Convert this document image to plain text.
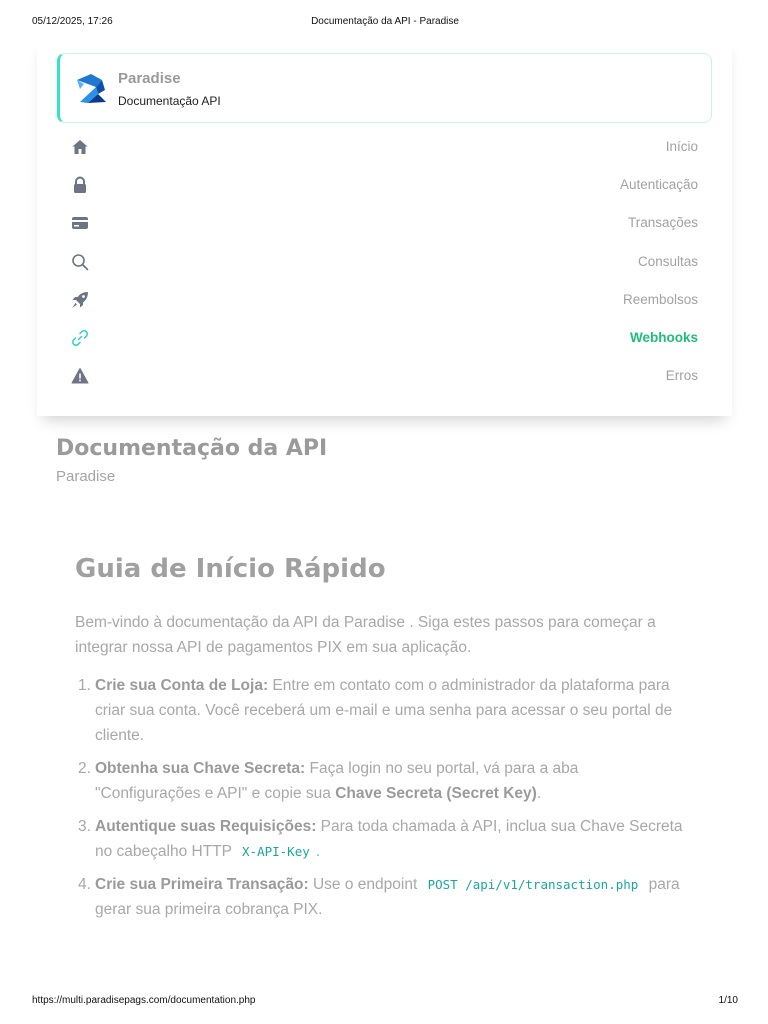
05/12/2025, 17:26	Documentação da API - Paradise
Paradise
Documentação API
Início
Autenticação
Transações
Consultas
Reembolsos
Webhooks
Erros
Documentação da API
Paradise
Guia de Início Rápido
Bem-vindo à documentação da API da Paradise . Siga estes passos para começar a integrar nossa API de pagamentos PIX em sua aplicação.
1. Crie sua Conta de Loja: Entre em contato com o administrador da plataforma para criar sua conta. Você receberá um e-mail e uma senha para acessar o seu portal de cliente.
2. Obtenha sua Chave Secreta: Faça login no seu portal, vá para a aba "Configurações e API" e copie sua Chave Secreta (Secret Key).
3. Autentique suas Requisições: Para toda chamada à API, inclua sua Chave Secreta no cabeçalho HTTP X-API-Key .
4. Crie sua Primeira Transação: Use o endpoint POST /api/v1/transaction.php para gerar sua primeira cobrança PIX.
https://multi.paradisepags.com/documentation.php	1/10
